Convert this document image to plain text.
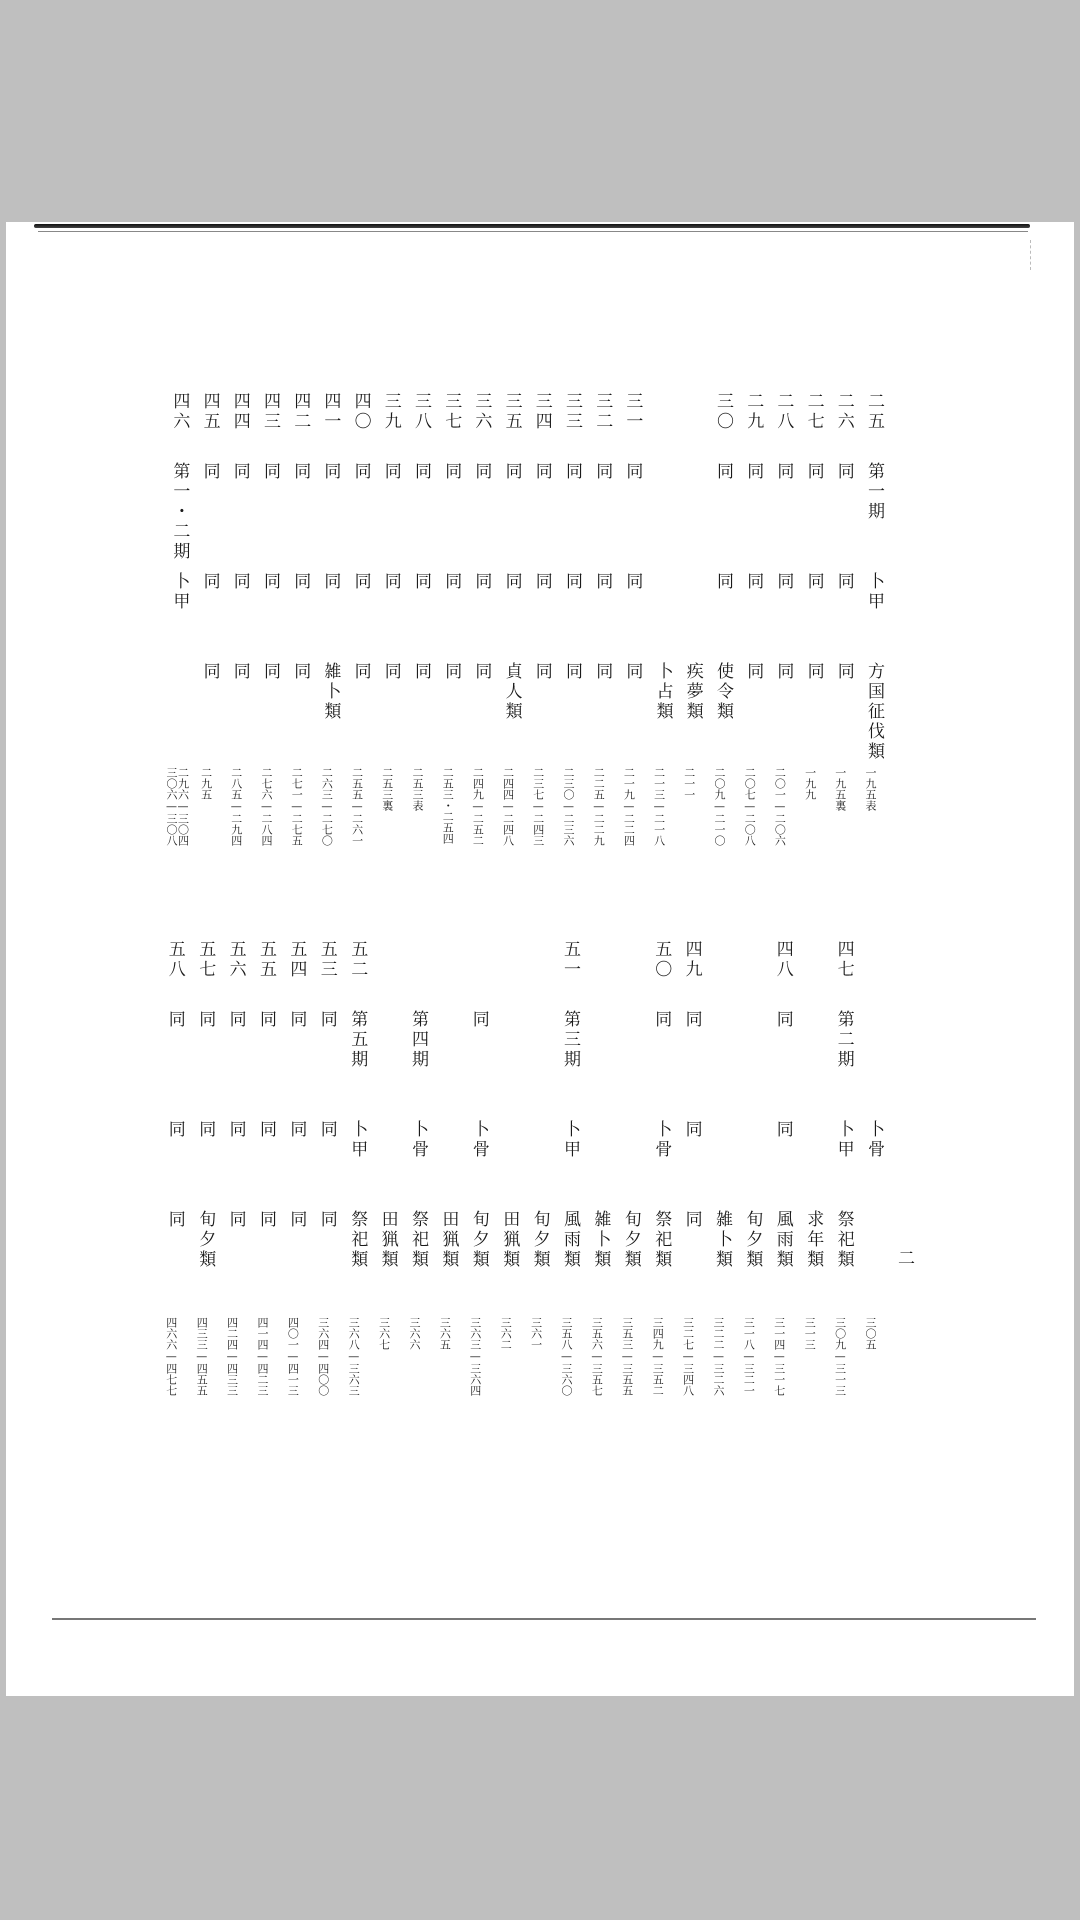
二
二五
第一期
卜甲
方国征伐類
一九五表
二六
同
同
同
一九五裏
二七
同
同
同
一九九
二八
同
同
同
二〇一—二〇六
二九
同
同
同
二〇七—二〇八
三〇
同
同
使令類
二〇九—二一〇
疾夢類
二一一
卜占類
二一三—二一八
三一
同
同
同
二一九—二二四
三二
同
同
同
二二五—二二九
三三
同
同
同
二三〇—二三六
三四
同
同
同
二三七—二四三
三五
同
同
貞人類
二四四—二四八
三六
同
同
同
二四九—二五二
三七
同
同
同
二五三・二五四
三八
同
同
同
二五三表
三九
同
同
同
二五三裏
四〇
同
同
同
二五五—二六一
四一
同
同
雑卜類
二六三—二七〇
四二
同
同
同
二七一—二七五
四三
同
同
同
二七六—二八四
四四
同
同
同
二八五—二九四
四五
同
同
同
二九五
四六
第一・二期
卜甲
二九六—三〇四
三〇六—三〇八
卜骨
三〇五
四七
第二期
卜甲
祭祀類
三〇九—三一三
求年類
三一三
四八
同
同
風雨類
三一四—三一七
旬夕類
三一八—三二一
雑卜類
三二二—三二六
四九
同
同
同
三二七—三四八
五〇
同
卜骨
祭祀類
三四九—三五二
旬夕類
三五三—三五五
雑卜類
三五六—三五七
五一
第三期
卜甲
風雨類
三五八—三六〇
旬夕類
三六一
田猟類
三六二
同
卜骨
旬夕類
三六三—三六四
田猟類
三六五
第四期
卜骨
祭祀類
三六六
田猟類
三六七
五二
第五期
卜甲
祭祀類
三六八—三六三
五三
同
同
同
三六四—四〇〇
五四
同
同
同
四〇一—四一三
五五
同
同
同
四一四—四二三
五六
同
同
同
四二四—四三三
五七
同
同
旬夕類
四三三—四五五
五八
同
同
同
四六六—四七七
